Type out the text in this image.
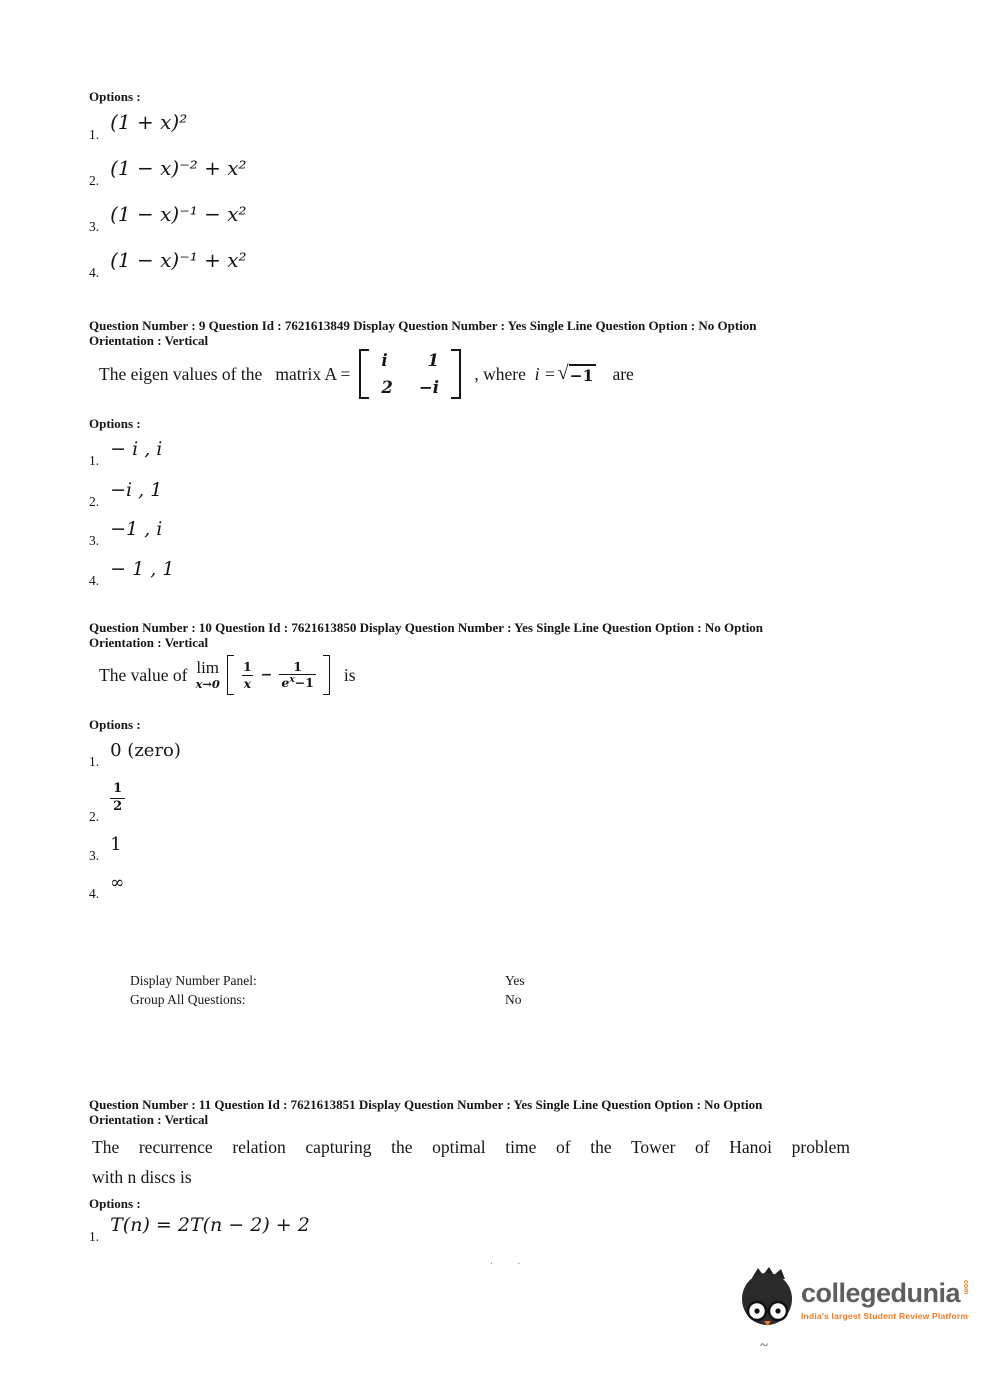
Options :
1.
(1 + x)²
2.
(1 − x)⁻² + x²
3.
(1 − x)⁻¹ − x²
4.
(1 − x)⁻¹ + x²
Question Number : 9 Question Id : 7621613849 Display Question Number : Yes Single Line Question Option : No Option
Orientation : Vertical
The eigen values of the   matrix A =
i 1
2 −i
, where i = √ −1 are
Options :
1.
− i , i
2.
−i , 1
3.
−1 , i
4.
− 1 , 1
Question Number : 10 Question Id : 7621613850 Display Question Number : Yes Single Line Question Option : No Option
Orientation : Vertical
The value of lim
$x\to 0 \frac{1}{x} - \frac{1}{e^x-1}$ is
Options :
1.
0 (zero)
2.
$\frac{1}{2}$
3.
1
4.
∞
Display Number Panel:	Yes
Group All Questions:	No
Question Number : 11 Question Id : 7621613851 Display Question Number : Yes Single Line Question Option : No Option
Orientation : Vertical
The recurrence relation capturing the optimal time of the Tower of Hanoi problem
with n discs is
Options :
1.
T(n) = 2T(n − 2) + 2
.         .
collegedunia com
India's largest Student Review Platform
~
